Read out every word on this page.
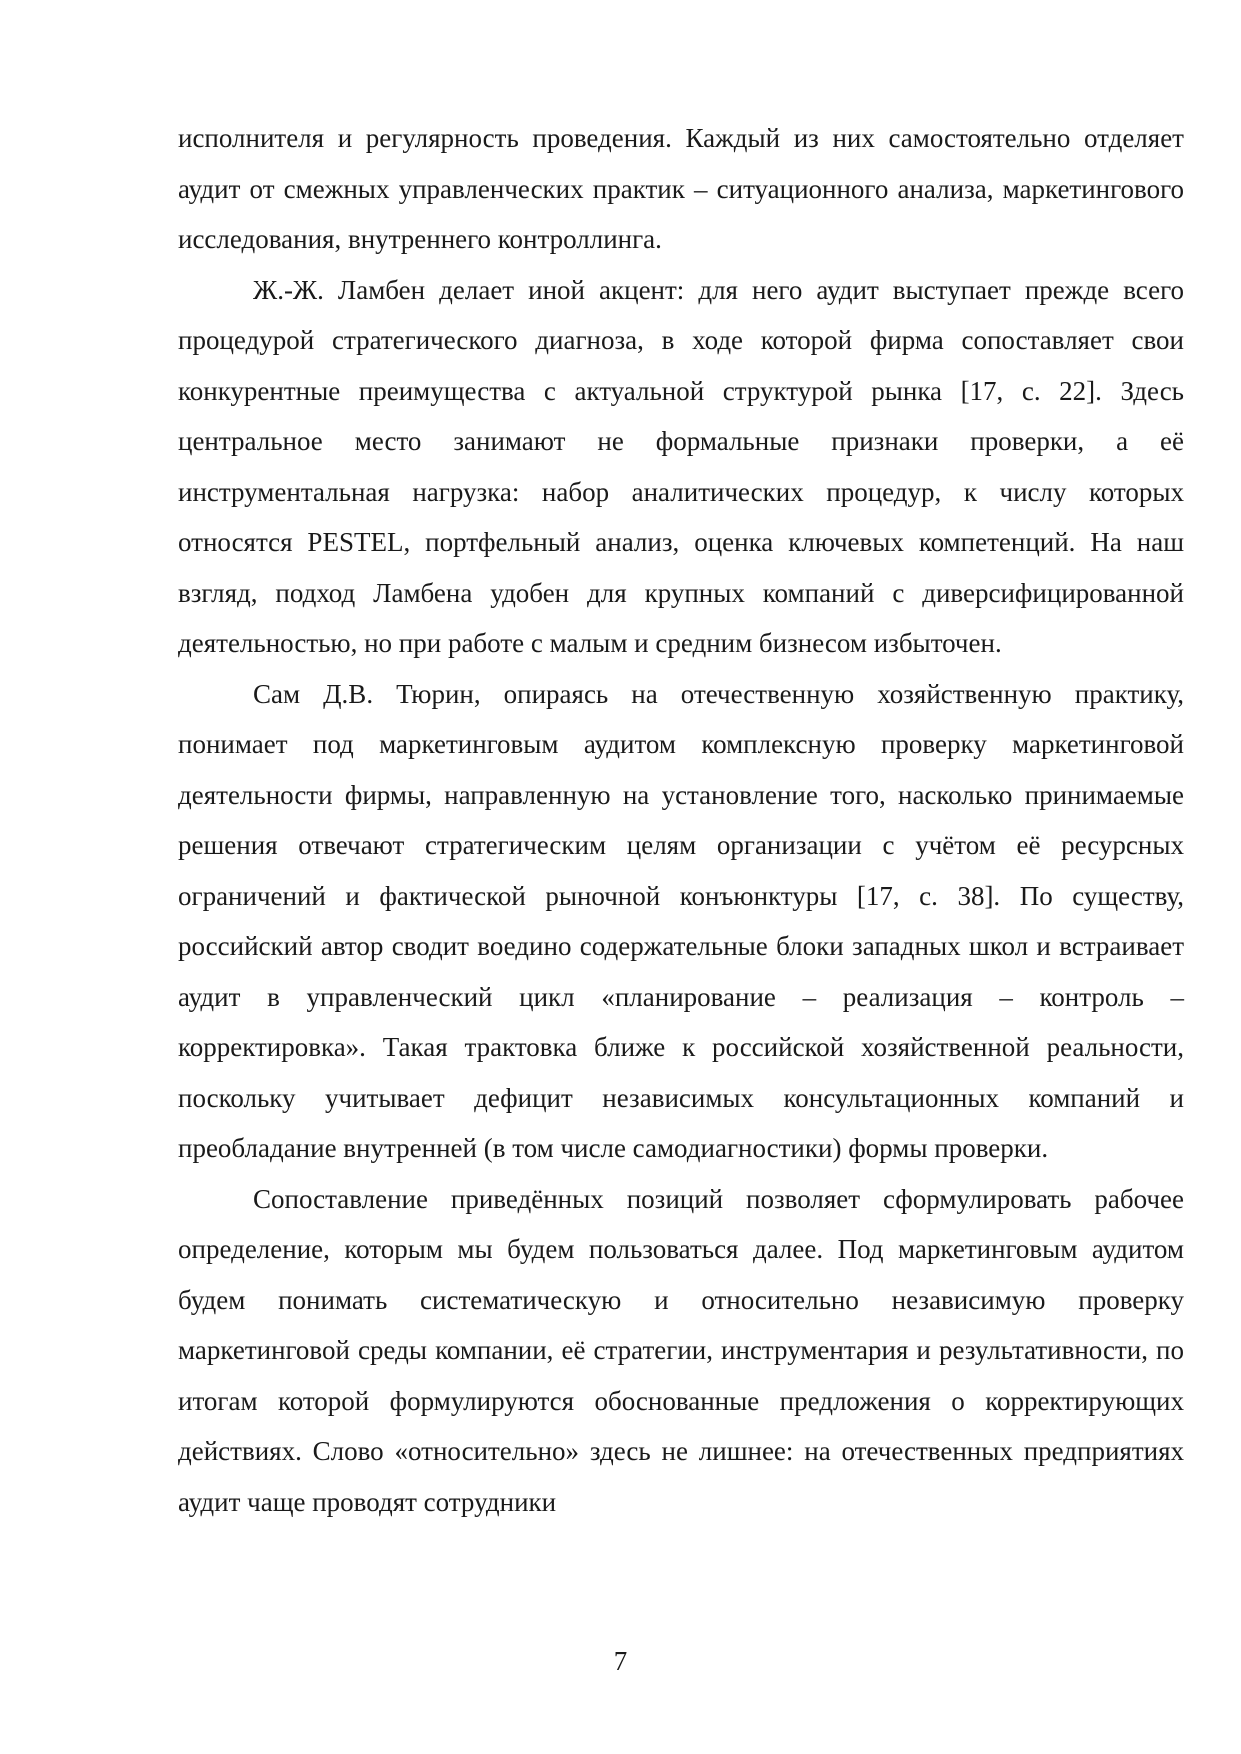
исполнителя и регулярность проведения. Каждый из них самостоятельно отделяет аудит от смежных управленческих практик – ситуационного анализа, маркетингового исследования, внутреннего контроллинга.

Ж.-Ж. Ламбен делает иной акцент: для него аудит выступает прежде всего процедурой стратегического диагноза, в ходе которой фирма сопоставляет свои конкурентные преимущества с актуальной структурой рынка [17, с. 22]. Здесь центральное место занимают не формальные признаки проверки, а её инструментальная нагрузка: набор аналитических процедур, к числу которых относятся PESTEL, портфельный анализ, оценка ключевых компетенций. На наш взгляд, подход Ламбена удобен для крупных компаний с диверсифицированной деятельностью, но при работе с малым и средним бизнесом избыточен.

Сам Д.В. Тюрин, опираясь на отечественную хозяйственную практику, понимает под маркетинговым аудитом комплексную проверку маркетинговой деятельности фирмы, направленную на установление того, насколько принимаемые решения отвечают стратегическим целям организации с учётом её ресурсных ограничений и фактической рыночной конъюнктуры [17, с. 38]. По существу, российский автор сводит воедино содержательные блоки западных школ и встраивает аудит в управленческий цикл «планирование – реализация – контроль – корректировка». Такая трактовка ближе к российской хозяйственной реальности, поскольку учитывает дефицит независимых консультационных компаний и преобладание внутренней (в том числе самодиагностики) формы проверки.

Сопоставление приведённых позиций позволяет сформулировать рабочее определение, которым мы будем пользоваться далее. Под маркетинговым аудитом будем понимать систематическую и относительно независимую проверку маркетинговой среды компании, её стратегии, инструментария и результативности, по итогам которой формулируются обоснованные предложения о корректирующих действиях. Слово «относительно» здесь не лишнее: на отечественных предприятиях аудит чаще проводят сотрудники

7
